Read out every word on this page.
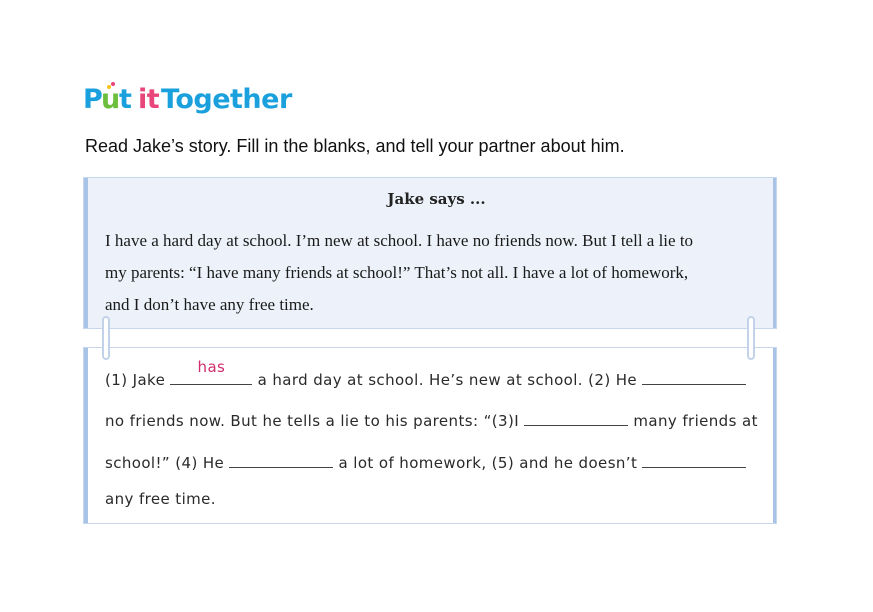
P
u t it Together
Read Jake’s story. Fill in the blanks, and tell your partner about him.
Jake says ...
I have a hard day at school. I’m new at school. I have no friends now. But I tell a lie to
my parents: “I have many friends at school!” That’s not all. I have a lot of homework,
and I don’t have any free time.
(1) Jake
has
a hard day at school. He’s new at school. (2) He
no friends now. But he tells a lie to his parents: “(3)I	many friends at
school!” (4) He	a lot of homework, (5) and he doesn’t
any free time.
